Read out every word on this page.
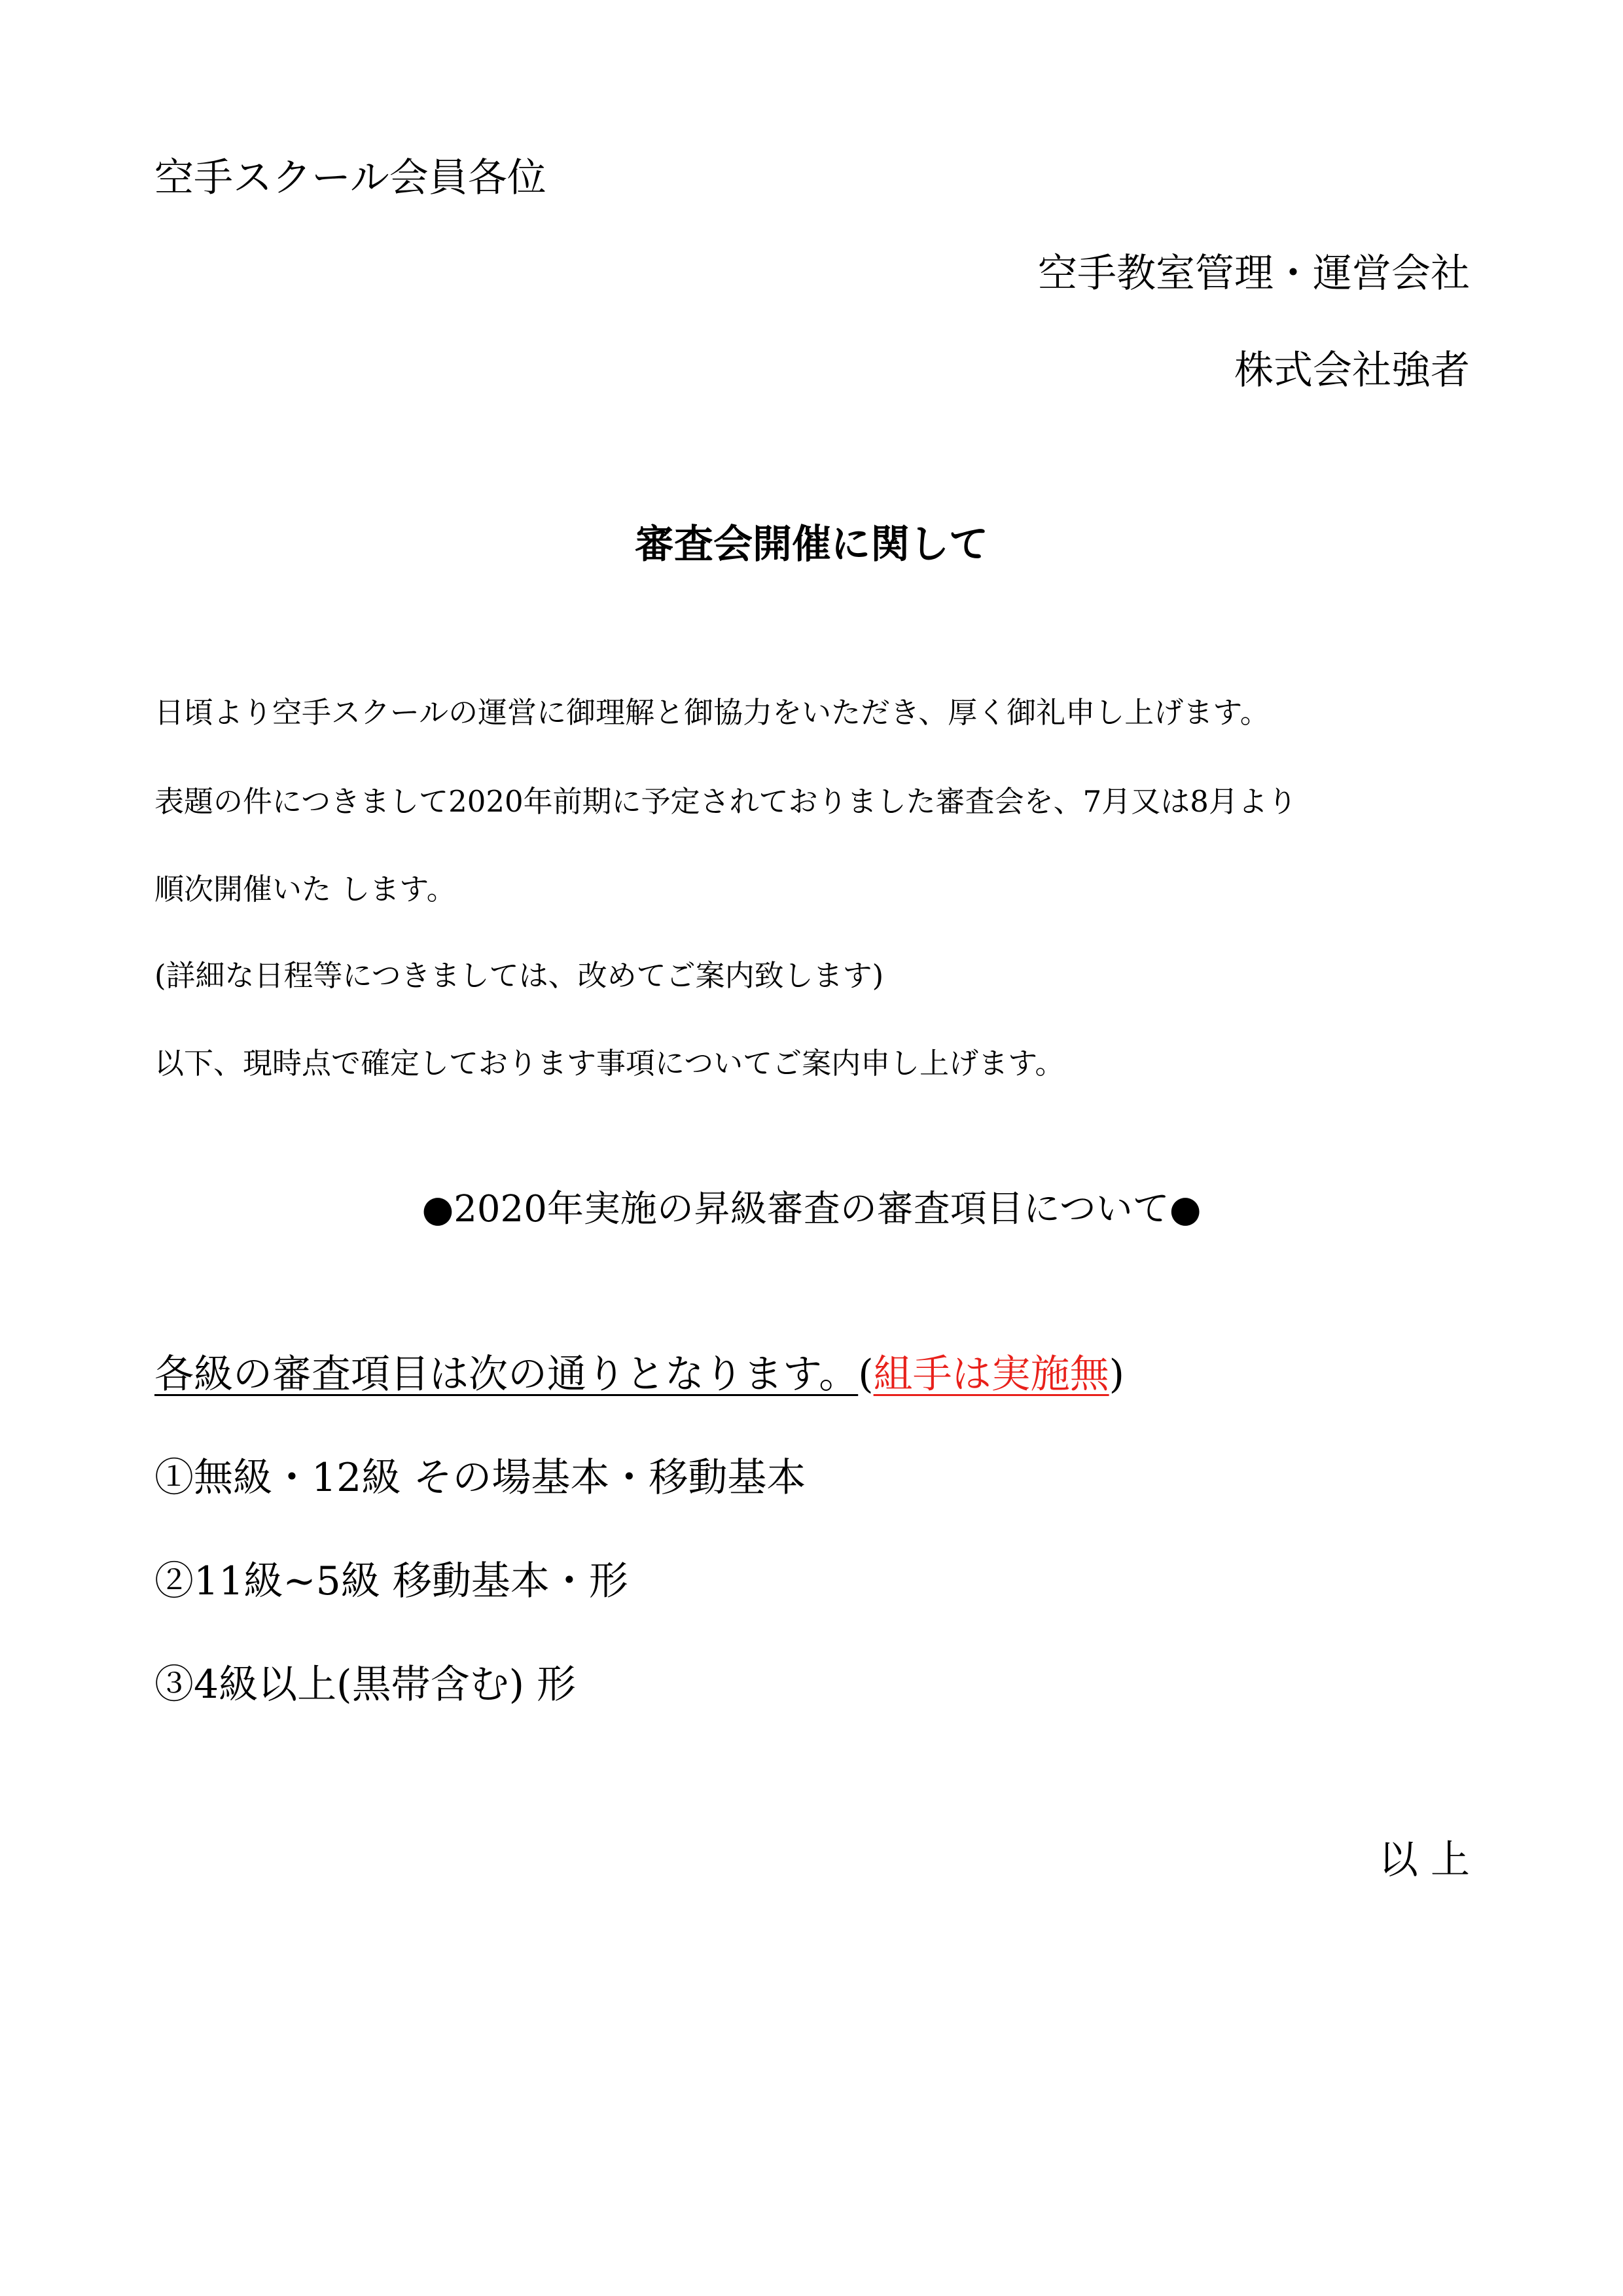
空手スクール会員各位
空手教室管理・運営会社
株式会社強者
審査会開催に関して
日頃より空手スクールの運営に御理解と御協力をいただき、厚く御礼申し上げます。
表題の件につきまして2020年前期に予定されておりました審査会を、7月又は8月より
順次開催いた します。
(詳細な日程等につきましては、改めてご案内致します)
以下、現時点で確定しております事項についてご案内申し上げます。
●2020年実施の昇級審査の審査項目について●
各級の審査項目は次の通りとなります。(組手は実施無)
①無級・12級 その場基本・移動基本
②11級~5級 移動基本・形
③4級以上(黒帯含む) 形
以 上
